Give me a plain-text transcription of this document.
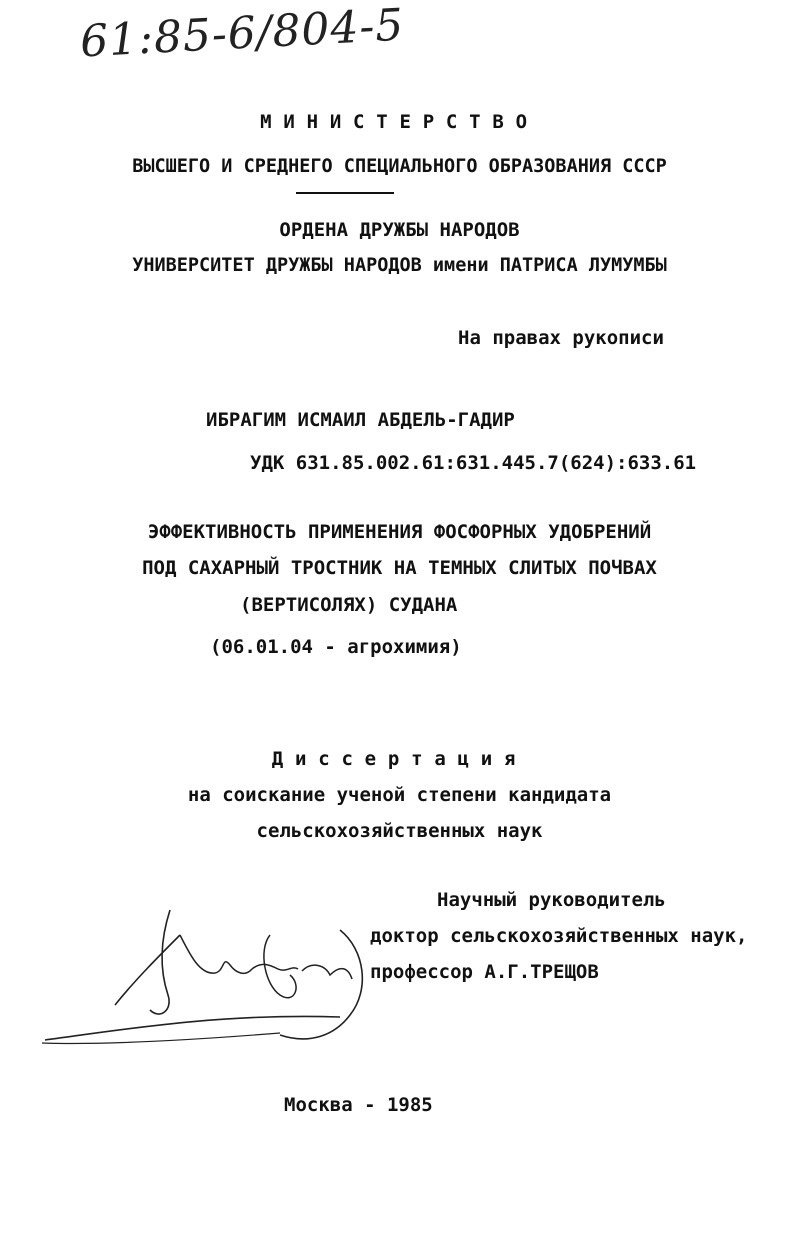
61:85-6/804-5
МИНИСТЕРСТВО
ВЫСШЕГО И СРЕДНЕГО СПЕЦИАЛЬНОГО ОБРАЗОВАНИЯ СССР
ОРДЕНА ДРУЖБЫ НАРОДОВ
УНИВЕРСИТЕТ ДРУЖБЫ НАРОДОВ имени ПАТРИСА ЛУМУМБЫ
На правах рукописи
ИБРАГИМ ИСМАИЛ АБДЕЛЬ-ГАДИР
УДК 631.85.002.61:631.445.7(624):633.61
ЭФФЕКТИВНОСТЬ ПРИМЕНЕНИЯ ФОСФОРНЫХ УДОБРЕНИЙ
ПОД САХАРНЫЙ ТРОСТНИК НА ТЕМНЫХ СЛИТЫХ ПОЧВАХ
(ВЕРТИСОЛЯХ) СУДАНА
(06.01.04 - агрохимия)
Диссертация
на соискание ученой степени кандидата
сельскохозяйственных наук
Научный руководитель
доктор сельскохозяйственных наук,
профессор А.Г.ТРЕЩОВ
Москва - 1985
